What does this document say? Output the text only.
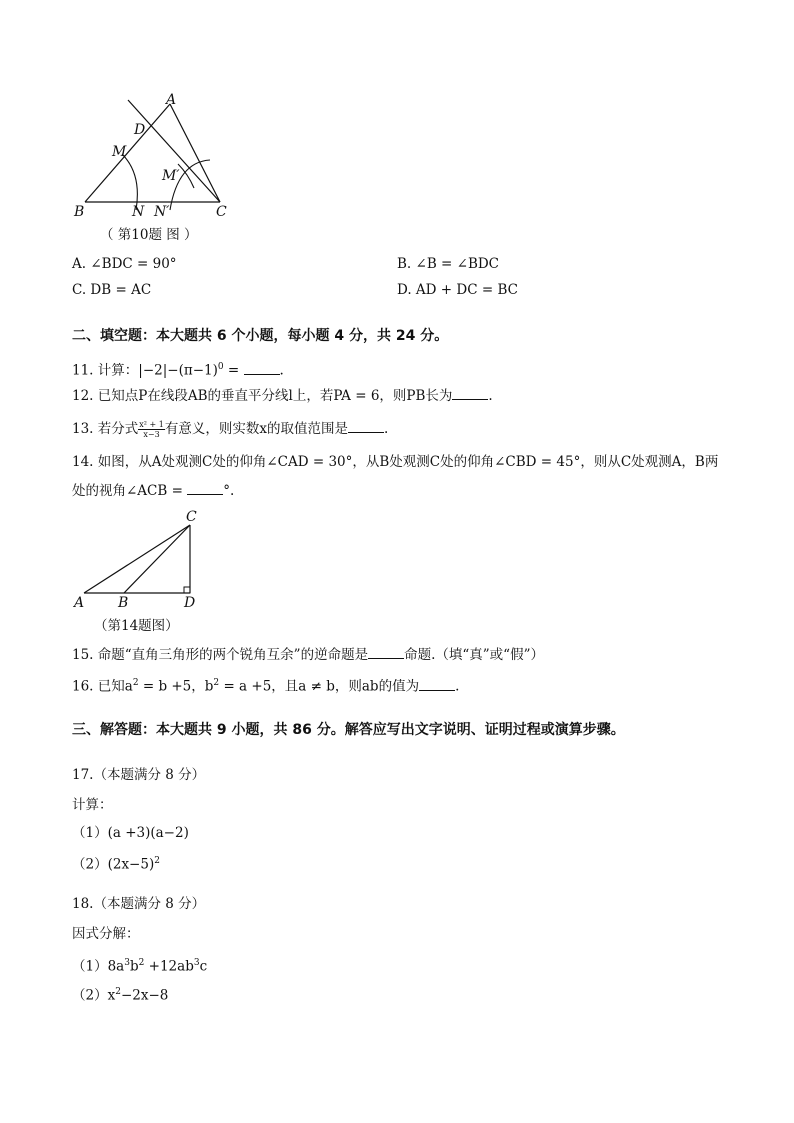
A
D
M
M′
B	N N′	C
（ 第10题 图 ）
A. ∠BDC = 90°	B. ∠B = ∠BDC
C. DB = AC	D. AD + DC = BC
二、填空题：本大题共 6 个小题，每小题 4 分，共 24 分。
11. 计算：$|-2|-(\pi-1)^0$ =	.
12. 已知点P在线段AB的垂直平分线l上，若PA = 6，则PB长为	.
13. 若分式 $\frac{\text{x² + 1}}{x-3}$ 有意义，则实数x的取值范围是	.
14. 如图，从A处观测C处的仰角∠CAD = 30°，从B处观测C处的仰角∠CBD = 45°，则从C处观测A，B两
处的视角∠ACB =	°.
C
A B	D
（第14题图）
15. 命题“直角三角形的两个锐角互余”的逆命题是	命题.（填“真”或“假”）
16. 已知$a^2 = b +5$，$b^2 = a +5$，且a ≠ b，则ab的值为	.
三、解答题：本大题共 9 小题，共 86 分。解答应写出文字说明、证明过程或演算步骤。
17.（本题满分 8 分）
计算：
（1）(a +3)(a−2)
$(2)(2x-5)^2$
18.（本题满分 8 分）
因式分解：
$(1)8a^3b^2 +12ab^3c$
$(2)x^2-2x-8$
